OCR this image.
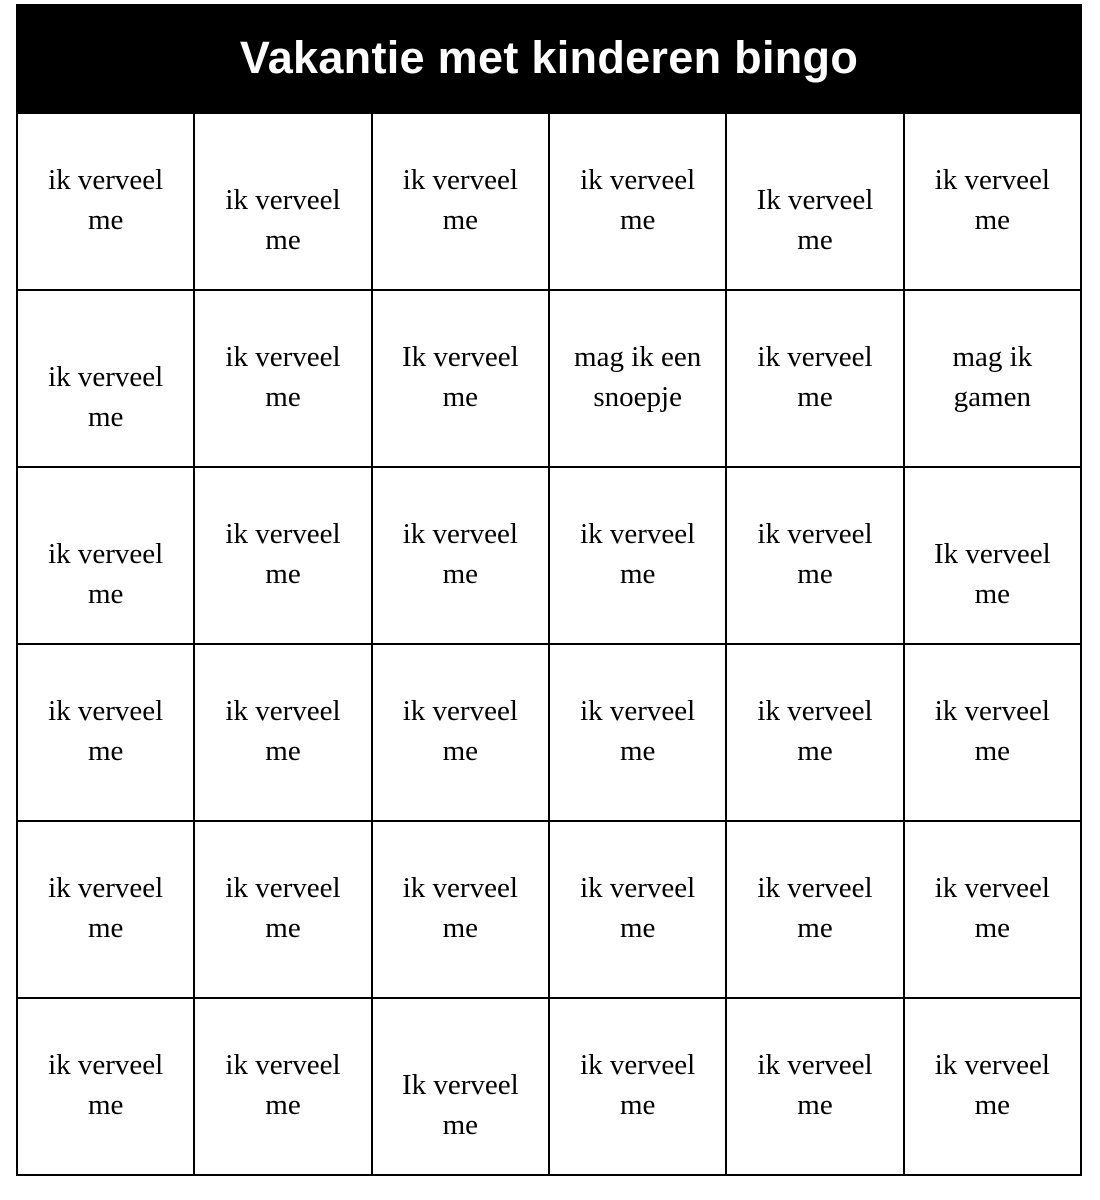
Vakantie met kinderen bingo
ik verveel me
ik verveel me
ik verveel me
ik verveel me
Ik verveel me
ik verveel me
ik verveel me
ik verveel me
Ik verveel me
mag ik een snoepje
ik verveel me
mag ik gamen
ik verveel me
ik verveel me
ik verveel me
ik verveel me
ik verveel me
Ik verveel me
ik verveel me
ik verveel me
ik verveel me
ik verveel me
ik verveel me
ik verveel me
ik verveel me
ik verveel me
ik verveel me
ik verveel me
ik verveel me
ik verveel me
ik verveel me
ik verveel me
Ik verveel me
ik verveel me
ik verveel me
ik verveel me
